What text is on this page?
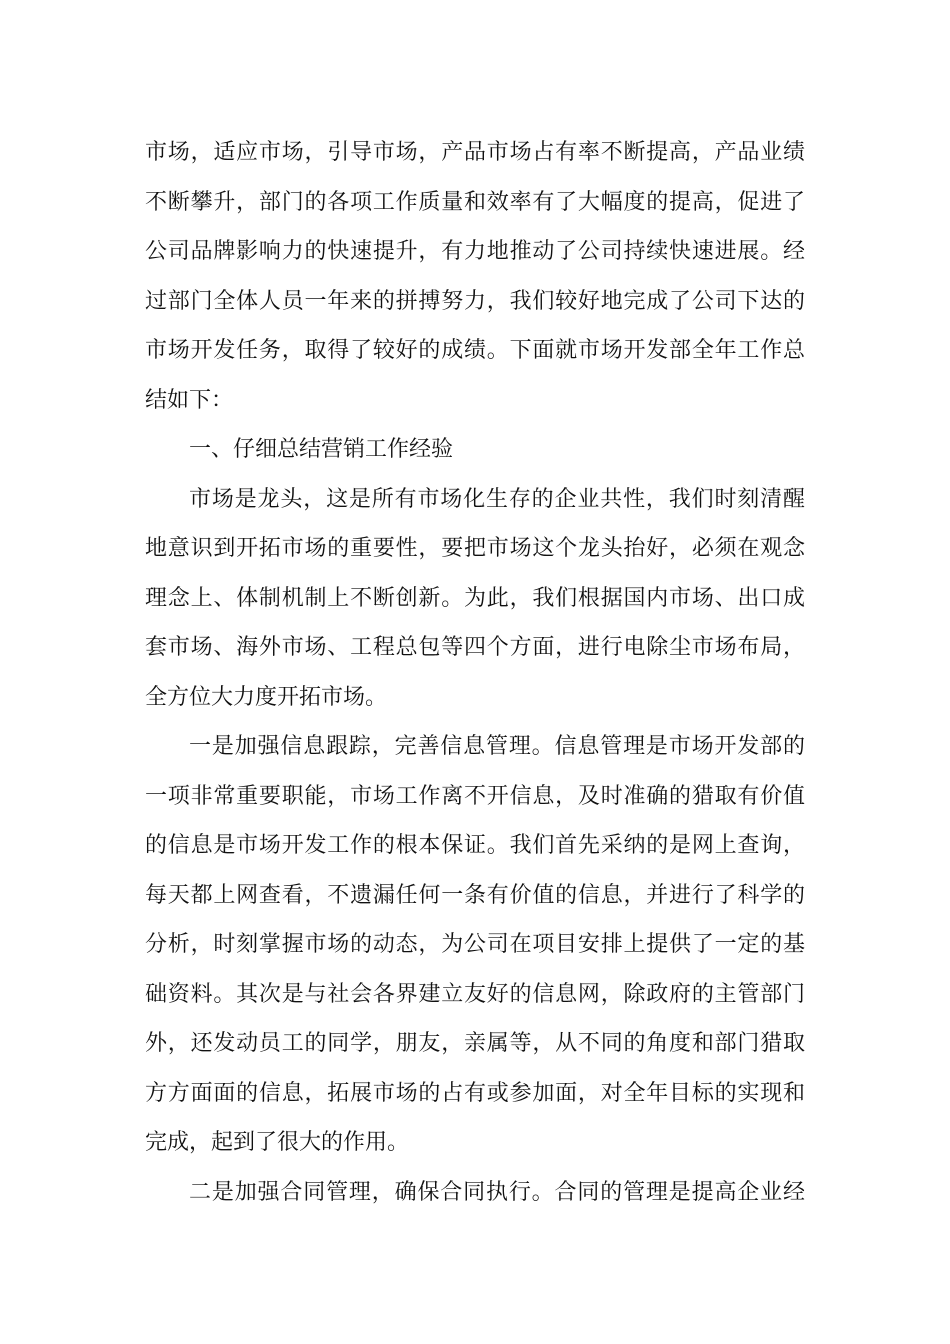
市场，适应市场，引导市场，产品市场占有率不断提高，产品业绩
不断攀升，部门的各项工作质量和效率有了大幅度的提高，促进了
公司品牌影响力的快速提升，有力地推动了公司持续快速进展。经
过部门全体人员一年来的拼搏努力，我们较好地完成了公司下达的
市场开发任务，取得了较好的成绩。下面就市场开发部全年工作总
结如下：
一、仔细总结营销工作经验
市场是龙头，这是所有市场化生存的企业共性，我们时刻清醒
地意识到开拓市场的重要性，要把市场这个龙头抬好，必须在观念
理念上、体制机制上不断创新。为此，我们根据国内市场、出口成
套市场、海外市场、工程总包等四个方面，进行电除尘市场布局，
全方位大力度开拓市场。
一是加强信息跟踪，完善信息管理。信息管理是市场开发部的
一项非常重要职能，市场工作离不开信息，及时准确的猎取有价值
的信息是市场开发工作的根本保证。我们首先采纳的是网上查询，
每天都上网查看，不遗漏任何一条有价值的信息，并进行了科学的
分析，时刻掌握市场的动态，为公司在项目安排上提供了一定的基
础资料。其次是与社会各界建立友好的信息网，除政府的主管部门
外，还发动员工的同学，朋友，亲属等，从不同的角度和部门猎取
方方面面的信息，拓展市场的占有或参加面，对全年目标的实现和
完成，起到了很大的作用。
二是加强合同管理，确保合同执行。合同的管理是提高企业经
